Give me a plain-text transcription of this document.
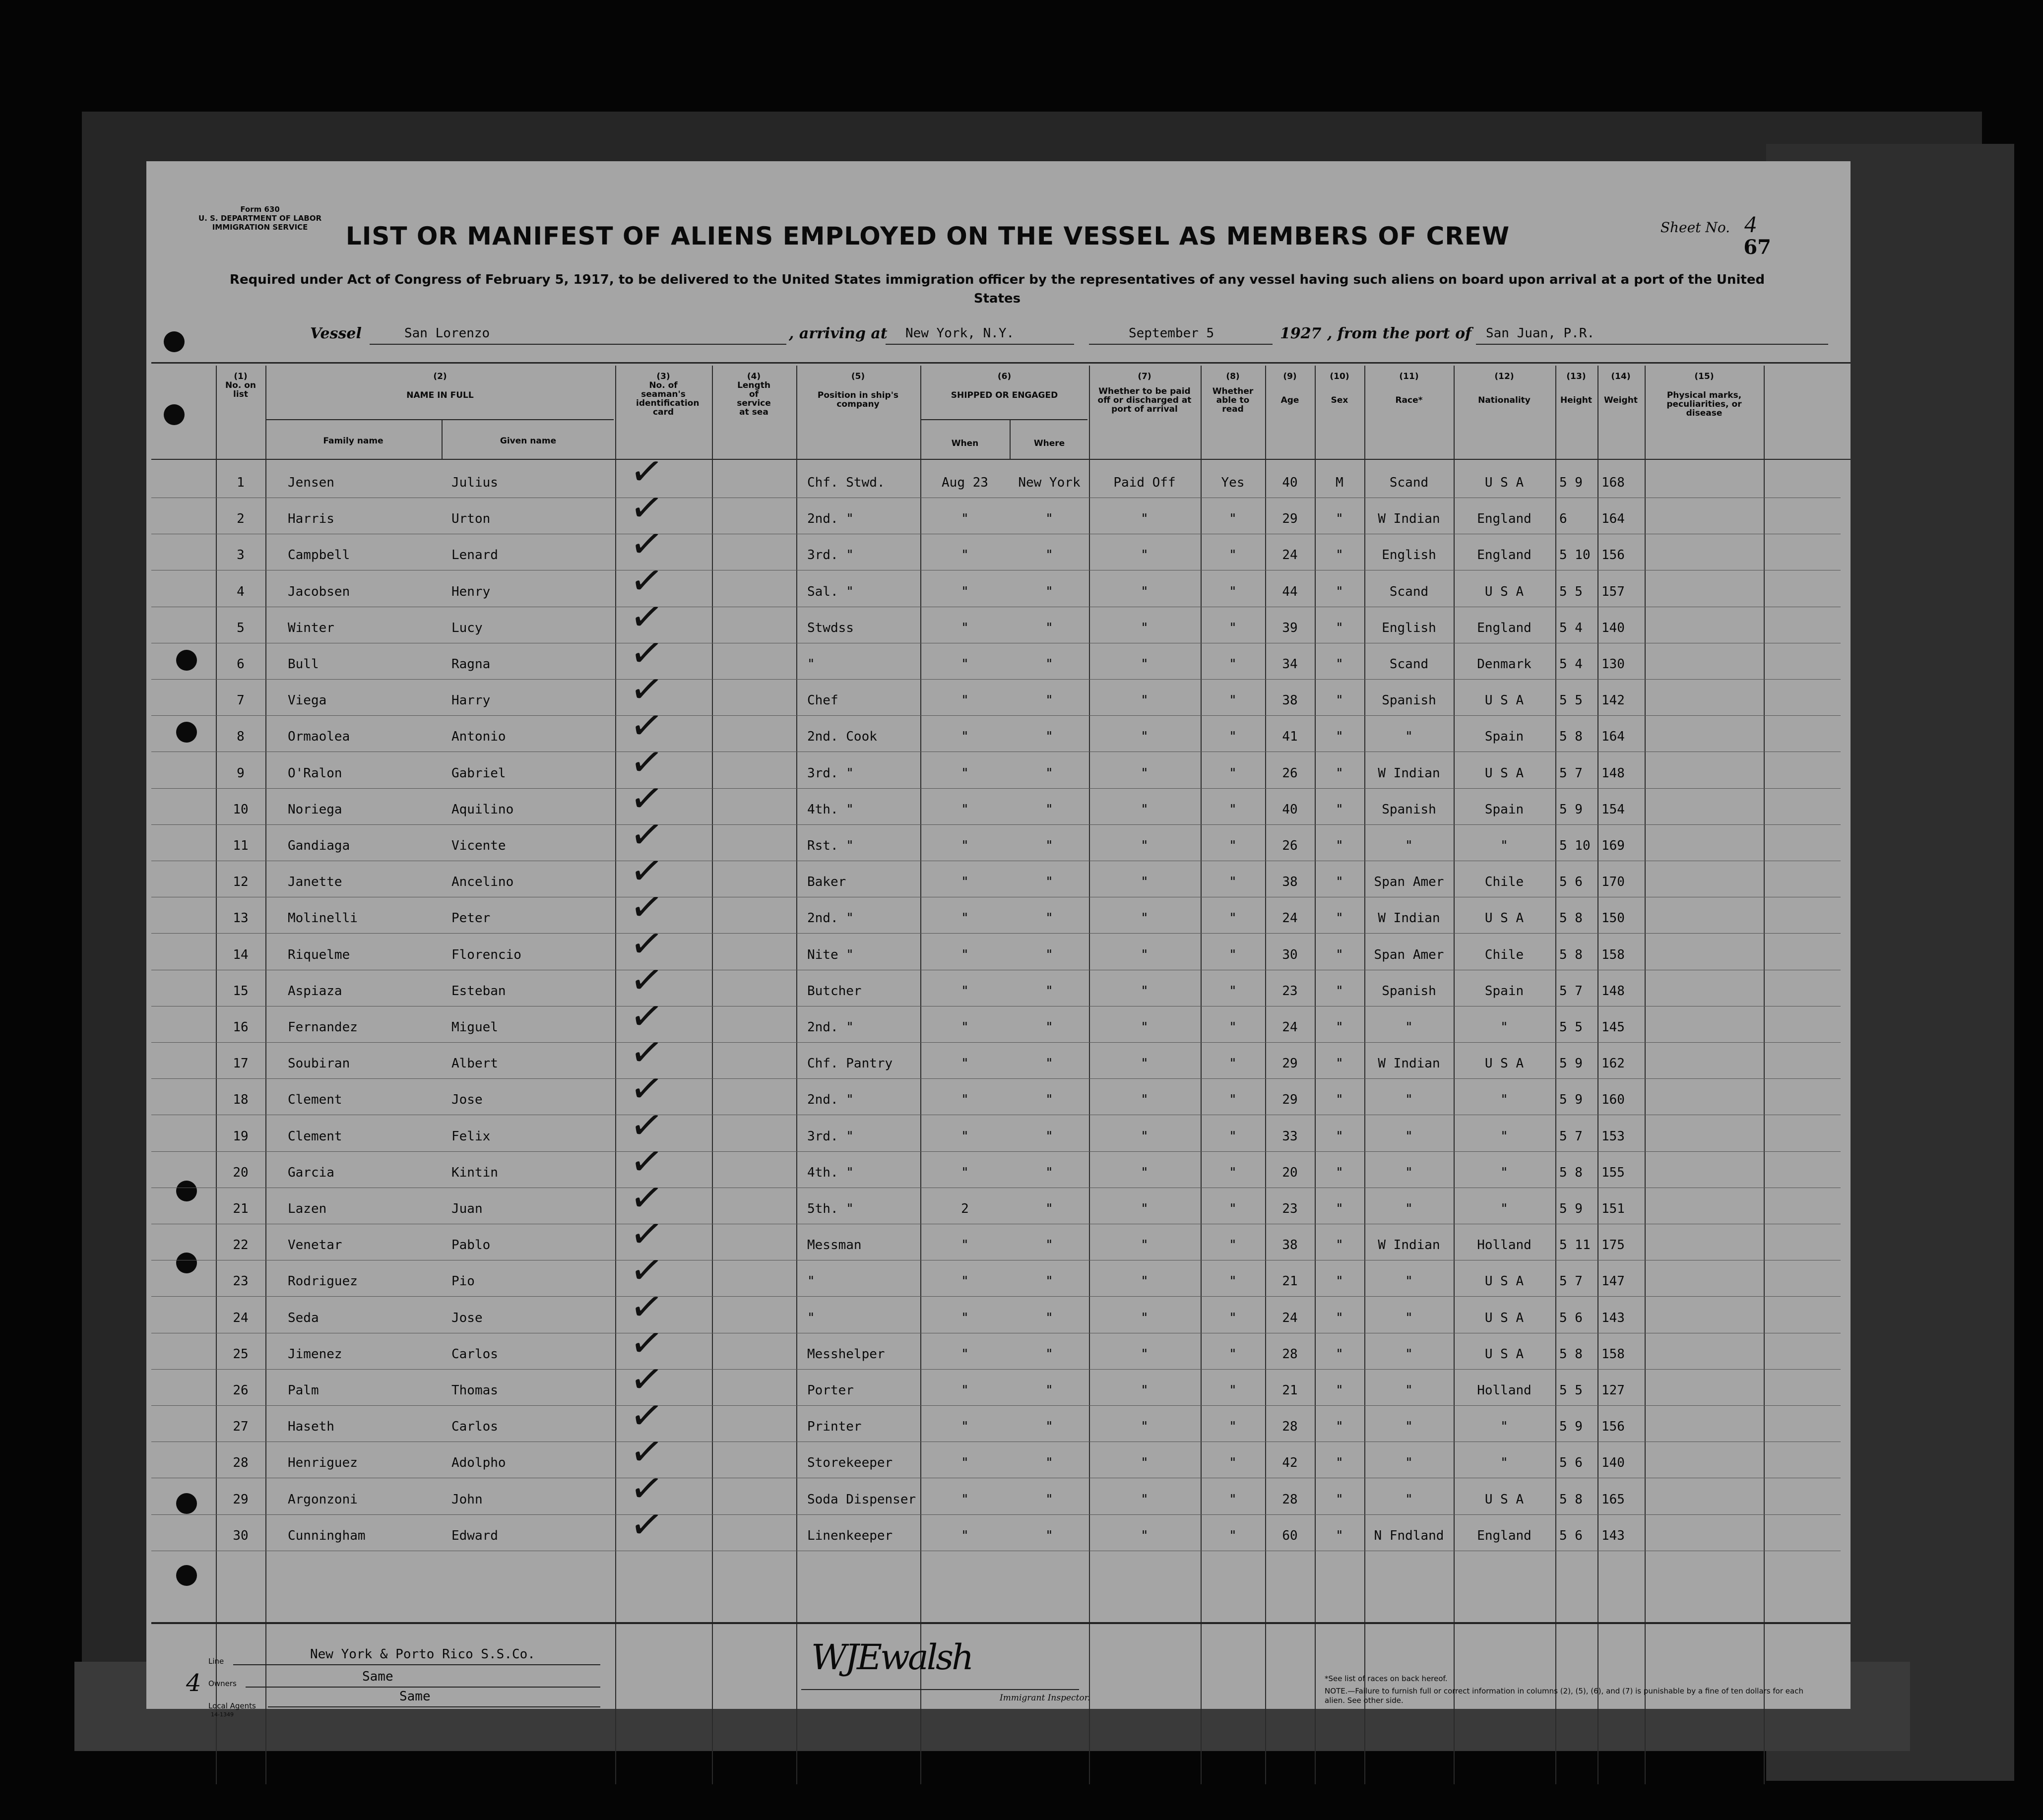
Form 630
U. S. DEPARTMENT OF LABOR
IMMIGRATION SERVICE	Sheet No. 4
67
LIST OR MANIFEST OF ALIENS EMPLOYED ON THE VESSEL AS MEMBERS OF CREW
Required under Act of Congress of February 5, 1917, to be delivered to the United States immigration officer by the representatives of any vessel having such aliens on board upon arrival at a port of the United States
Vessel	San Lorenzo	, arriving at New York, N.Y.	September 5	1927 , from the port of San Juan, P.R.
(1)
No. on list
(2)
NAME IN FULL
Family name	Given name
(3)
No. of seaman's identification card
(4)
Length of service at sea
(5)
Position in ship's company
(6)
SHIPPED OR ENGAGED
When	Where
(7)
Whether to be paid off or discharged at port of arrival
(8)
Whether able to read
(9)
Age
(10)
Sex
(11)
Race*
(12)
Nationality
(13)
Height
(14)
Weight
(15)
Physical marks, peculiarities, or disease
1	Jensen	Julius	Chf. Stwd.	Aug 23	New York	Paid Off	Yes	40	M	Scand	U S A	5 9	168
✓
2	Harris	Urton	2nd. "	"	"	"	"	29	"	W Indian	England	6	164
✓
3	Campbell	Lenard	3rd. "	"	"	"	"	24	"	English	England	5 10 156
✓
4	Jacobsen	Henry	Sal. "	"	"	"	"	44	"	Scand	U S A	5 5	157
✓
5	Winter	Lucy	Stwdss	"	"	"	"	39	"	English	England	5 4	140
✓
6	Bull	Ragna	"	"	"	"	"	34	"	Scand	Denmark	5 4	130
✓
7	Viega	Harry	Chef	"	"	"	"	38	"	Spanish	U S A	5 5	142
✓
8	Ormaolea	Antonio	2nd. Cook	"	"	"	"	41	"	"	Spain	5 8	164
✓
9	O'Ralon	Gabriel	3rd. "	"	"	"	"	26	"	W Indian	U S A	5 7	148
✓
10	Noriega	Aquilino	4th. "	"	"	"	"	40	"	Spanish	Spain	5 9	154
✓
11	Gandiaga	Vicente	Rst. "	"	"	"	"	26	"	"	"	5 10 169
✓
12	Janette	Ancelino	Baker	"	"	"	"	38	"	Span Amer	Chile	5 6	170
✓
13	Molinelli	Peter	2nd. "	"	"	"	"	24	"	W Indian	U S A	5 8	150
✓
14	Riquelme	Florencio	Nite "	"	"	"	"	30	"	Span Amer	Chile	5 8	158
✓
15	Aspiaza	Esteban	Butcher	"	"	"	"	23	"	Spanish	Spain	5 7	148
✓
16	Fernandez	Miguel	2nd. "	"	"	"	"	24	"	"	"	5 5	145
✓
17	Soubiran	Albert	Chf. Pantry	"	"	"	"	29	"	W Indian	U S A	5 9	162
✓
18	Clement	Jose	2nd. "	"	"	"	"	29	"	"	"	5 9	160
✓
19	Clement	Felix	3rd. "	"	"	"	"	33	"	"	"	5 7	153
✓
20	Garcia	Kintin	4th. "	"	"	"	"	20	"	"	"	5 8	155
✓
21	Lazen	Juan	5th. "	2	"	"	"	23	"	"	"	5 9	151
✓
22	Venetar	Pablo	Messman	"	"	"	"	38	"	W Indian	Holland	5 11 175
✓
23	Rodriguez	Pio	"	"	"	"	"	21	"	"	U S A	5 7	147
✓
24	Seda	Jose	"	"	"	"	"	24	"	"	U S A	5 6	143
✓
25	Jimenez	Carlos	Messhelper	"	"	"	"	28	"	"	U S A	5 8	158
✓
26	Palm	Thomas	Porter	"	"	"	"	21	"	"	Holland	5 5	127
✓
27	Haseth	Carlos	Printer	"	"	"	"	28	"	"	"	5 9	156
✓
28	Henriguez	Adolpho	Storekeeper	"	"	"	"	42	"	"	"	5 6	140
✓
29	Argonzoni	John	Soda Dispenser	"	"	"	"	28	"	"	U S A	5 8	165
✓
30	Cunningham	Edward	Linenkeeper	"	"	"	"	60	"	N Fndland	England	5 6	143
✓
Line	New York & Porto Rico S.S.Co.
Owners	Same
Local Agents
Same
14-1349
4
WJEwalsh
Immigrant Inspector.
*See list of races on back hereof.
NOTE.—Failure to furnish full or correct information in columns (2), (5), (6), and (7) is punishable by a fine of ten dollars for each alien. See other side.
